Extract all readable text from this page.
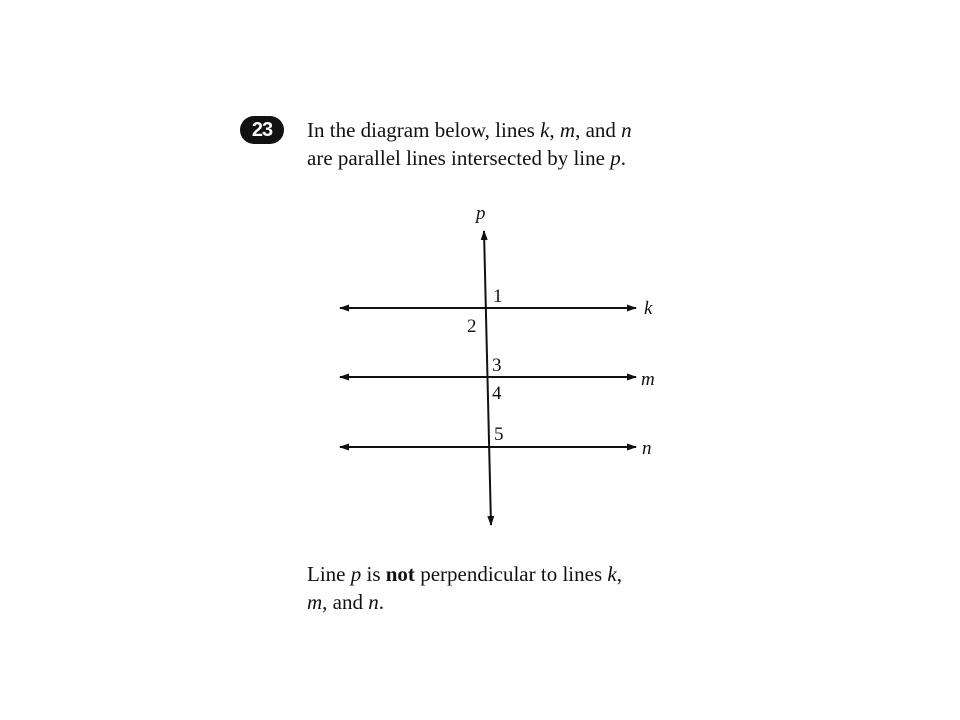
23	In the diagram below, lines k, m, and n
are parallel lines intersected by line p.

k
m
n
p
1
2
3
4
5

Line p is not perpendicular to lines k,
m, and n.
